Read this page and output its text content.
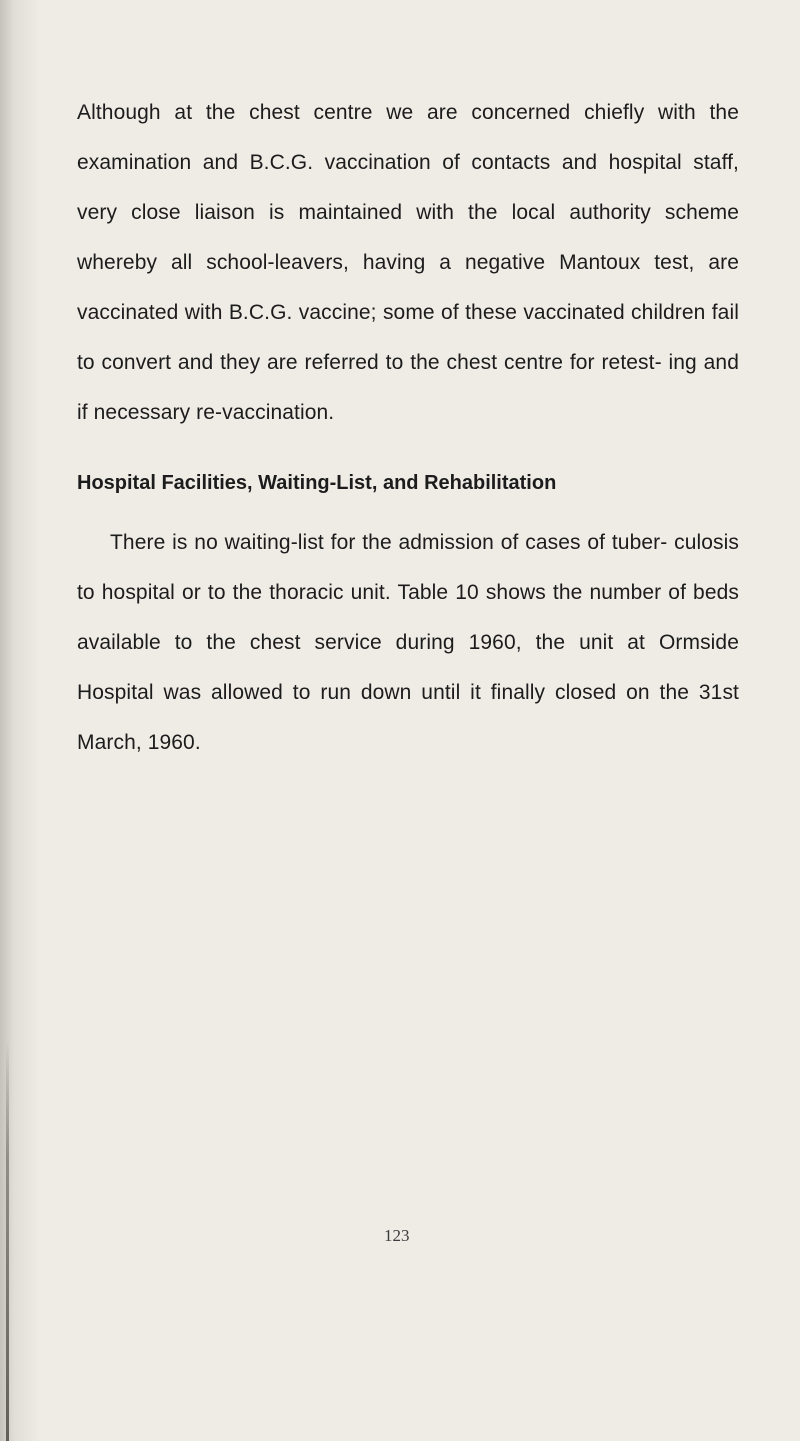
Although at the chest centre we are concerned chiefly with the examination and B.C.G. vaccination of contacts and hospital staff, very close liaison is maintained with the local authority scheme whereby all school-leavers, having a negative Mantoux test, are vaccinated with B.C.G. vaccine; some of these vaccinated children fail to convert and they are referred to the chest centre for retest- ing and if necessary re-vaccination.

Hospital Facilities, Waiting-List, and Rehabilitation

There is no waiting-list for the admission of cases of tuber- culosis to hospital or to the thoracic unit. Table 10 shows the number of beds available to the chest service during 1960, the unit at Ormside Hospital was allowed to run down until it finally closed on the 31st March, 1960.

123
